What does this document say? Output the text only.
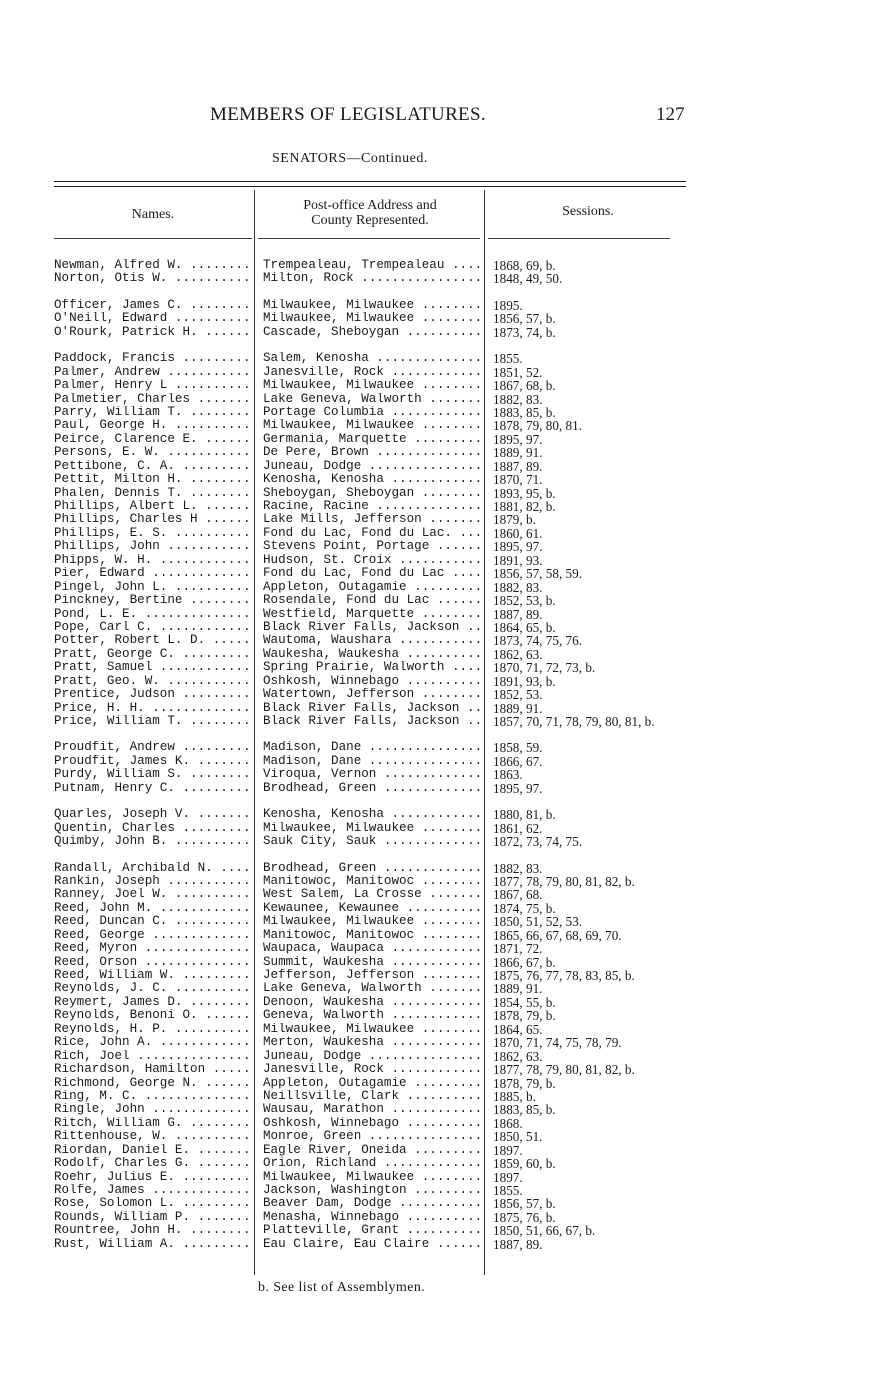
MEMBERS OF LEGISLATURES.	127
SENATORS—Continued.
Names.
Post-office Address and
County Represented.
Sessions.
Newman, Alfred W. .....	Trempealeau, Trempealeau .....	1868, 69, b.
Norton, Otis W. .....	Milton, Rock .....	1848, 49, 50.
Officer, James C. .....	Milwaukee, Milwaukee .....	1895.
O'Neill, Edward .....	Milwaukee, Milwaukee .....	1856, 57, b.
O'Rourk, Patrick H. .....	Cascade, Sheboygan .....	1873, 74, b.
Paddock, Francis .....	Salem, Kenosha .....	1855.
Palmer, Andrew .....	Janesville, Rock .....	1851, 52.
Palmer, Henry L .....	Milwaukee, Milwaukee .....	1867, 68, b.
Palmetier, Charles .....	Lake Geneva, Walworth .....	1882, 83.
Parry, William T. .....	Portage Columbia .....	1883, 85, b.
Paul, George H. .....	Milwaukee, Milwaukee .....	1878, 79, 80, 81.
Peirce, Clarence E. .....	Germania, Marquette .....	1895, 97.
Persons, E. W. .....	De Pere, Brown .....	1889, 91.
Pettibone, C. A. .....	Juneau, Dodge .....	1887, 89.
Pettit, Milton H. .....	Kenosha, Kenosha .....	1870, 71.
Phalen, Dennis T. .....	Sheboygan, Sheboygan .....	1893, 95, b.
Phillips, Albert L. .....	Racine, Racine .....	1881, 82, b.
Phillips, Charles H .....	Lake Mills, Jefferson .....	1879, b.
Phillips, E. S. .....	Fond du Lac, Fond du Lac. .....	1860, 61.
Phillips, John .....	Stevens Point, Portage .....	1895, 97.
Phipps, W. H. .....	Hudson, St. Croix .....	1891, 93.
Pier, Edward .....	Fond du Lac, Fond du Lac .....	1856, 57, 58, 59.
Pingel, John L. .....	Appleton, Outagamie .....	1882, 83.
Pinckney, Bertine .....	Rosendale, Fond du Lac .....	1852, 53, b.
Pond, L. E. .....	Westfield, Marquette .....	1887, 89.
Pope, Carl C. .....	Black River Falls, Jackson .....	1864, 65, b.
Potter, Robert L. D. .....	Wautoma, Waushara .....	1873, 74, 75, 76.
Pratt, George C. .....	Waukesha, Waukesha .....	1862, 63.
Pratt, Samuel .....	Spring Prairie, Walworth .....	1870, 71, 72, 73, b.
Pratt, Geo. W. .....	Oshkosh, Winnebago .....	1891, 93, b.
Prentice, Judson .....	Watertown, Jefferson .....	1852, 53.
Price, H. H. .....	Black River Falls, Jackson .....	1889, 91.
Price, William T. .....	Black River Falls, Jackson .....	1857, 70, 71, 78, 79, 80, 81, b.
Proudfit, Andrew .....	Madison, Dane .....	1858, 59.
Proudfit, James K. .....	Madison, Dane .....	1866, 67.
Purdy, William S. .....	Viroqua, Vernon .....	1863.
Putnam, Henry C. .....	Brodhead, Green .....	1895, 97.
Quarles, Joseph V. .....	Kenosha, Kenosha .....	1880, 81, b.
Quentin, Charles .....	Milwaukee, Milwaukee .....	1861, 62.
Quimby, John B. .....	Sauk City, Sauk .....	1872, 73, 74, 75.
Randall, Archibald N. .....	Brodhead, Green .....	1882, 83.
Rankin, Joseph .....	Manitowoc, Manitowoc .....	1877, 78, 79, 80, 81, 82, b.
Ranney, Joel W. .....	West Salem, La Crosse .....	1867, 68.
Reed, John M. .....	Kewaunee, Kewaunee .....	1874, 75, b.
Reed, Duncan C. .....	Milwaukee, Milwaukee .....	1850, 51, 52, 53.
Reed, George .....	Manitowoc, Manitowoc .....	1865, 66, 67, 68, 69, 70.
Reed, Myron .....	Waupaca, Waupaca .....	1871, 72.
Reed, Orson .....	Summit, Waukesha .....	1866, 67, b.
Reed, William W. .....	Jefferson, Jefferson .....	1875, 76, 77, 78, 83, 85, b.
Reynolds, J. C. .....	Lake Geneva, Walworth .....	1889, 91.
Reymert, James D. .....	Denoon, Waukesha .....	1854, 55, b.
Reynolds, Benoni O. .....	Geneva, Walworth .....	1878, 79, b.
Reynolds, H. P. .....	Milwaukee, Milwaukee .....	1864, 65.
Rice, John A. .....	Merton, Waukesha .....	1870, 71, 74, 75, 78, 79.
Rich, Joel .....	Juneau, Dodge .....	1862, 63.
Richardson, Hamilton .....	Janesville, Rock .....	1877, 78, 79, 80, 81, 82, b.
Richmond, George N. .....	Appleton, Outagamie .....	1878, 79, b.
Ring, M. C. .....	Neillsville, Clark .....	1885, b.
Ringle, John .....	Wausau, Marathon .....	1883, 85, b.
Ritch, William G. .....	Oshkosh, Winnebago .....	1868.
Rittenhouse, W. .....	Monroe, Green .....	1850, 51.
Riordan, Daniel E. .....	Eagle River, Oneida .....	1897.
Rodolf, Charles G. .....	Orion, Richland .....	1859, 60, b.
Roehr, Julius E. .....	Milwaukee, Milwaukee .....	1897.
Rolfe, James .....	Jackson, Washington .....	1855.
Rose, Solomon L. .....	Beaver Dam, Dodge .....	1856, 57, b.
Rounds, William P. .....	Menasha, Winnebago .....	1875, 76, b.
Rountree, John H. .....	Platteville, Grant .....	1850, 51, 66, 67, b.
Rust, William A. .....	Eau Claire, Eau Claire .....	1887, 89.
b. See list of Assemblymen.
